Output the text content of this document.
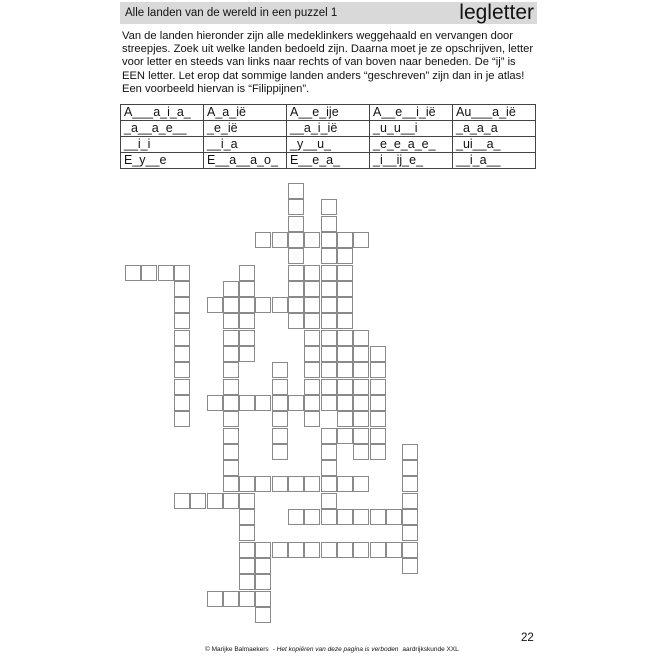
Alle landen van de wereld in een puzzel 1	legletter

Van de landen hieronder zijn alle medeklinkers weggehaald en vervangen door streepjes. Zoek uit welke landen bedoeld zijn. Daarna moet je ze opschrijven, letter voor letter en steeds van links naar rechts of van boven naar beneden. De “ij” is EEN letter. Let erop dat sommige landen anders “geschreven” zijn dan in je atlas! Een voorbeeld hiervan is “Filippijnen”.

A___a_i_a_	A_a_ië	A__e_ije	A__e__i_ië	Au___a_ië
_a__a_e__	_e_ië	__a_i_ië	_u_u__i	_a_a_a
__i_i	__i_a	_y__u_	_e_e_a_e_	_ui__a_
E_y__e	E__a__a_o_	E__e_a_	_i__ij_e_	__i_a__
© Marijke Balmaekers - Het kopiëren van deze pagina is verboden aardrijkskunde XXL
22
